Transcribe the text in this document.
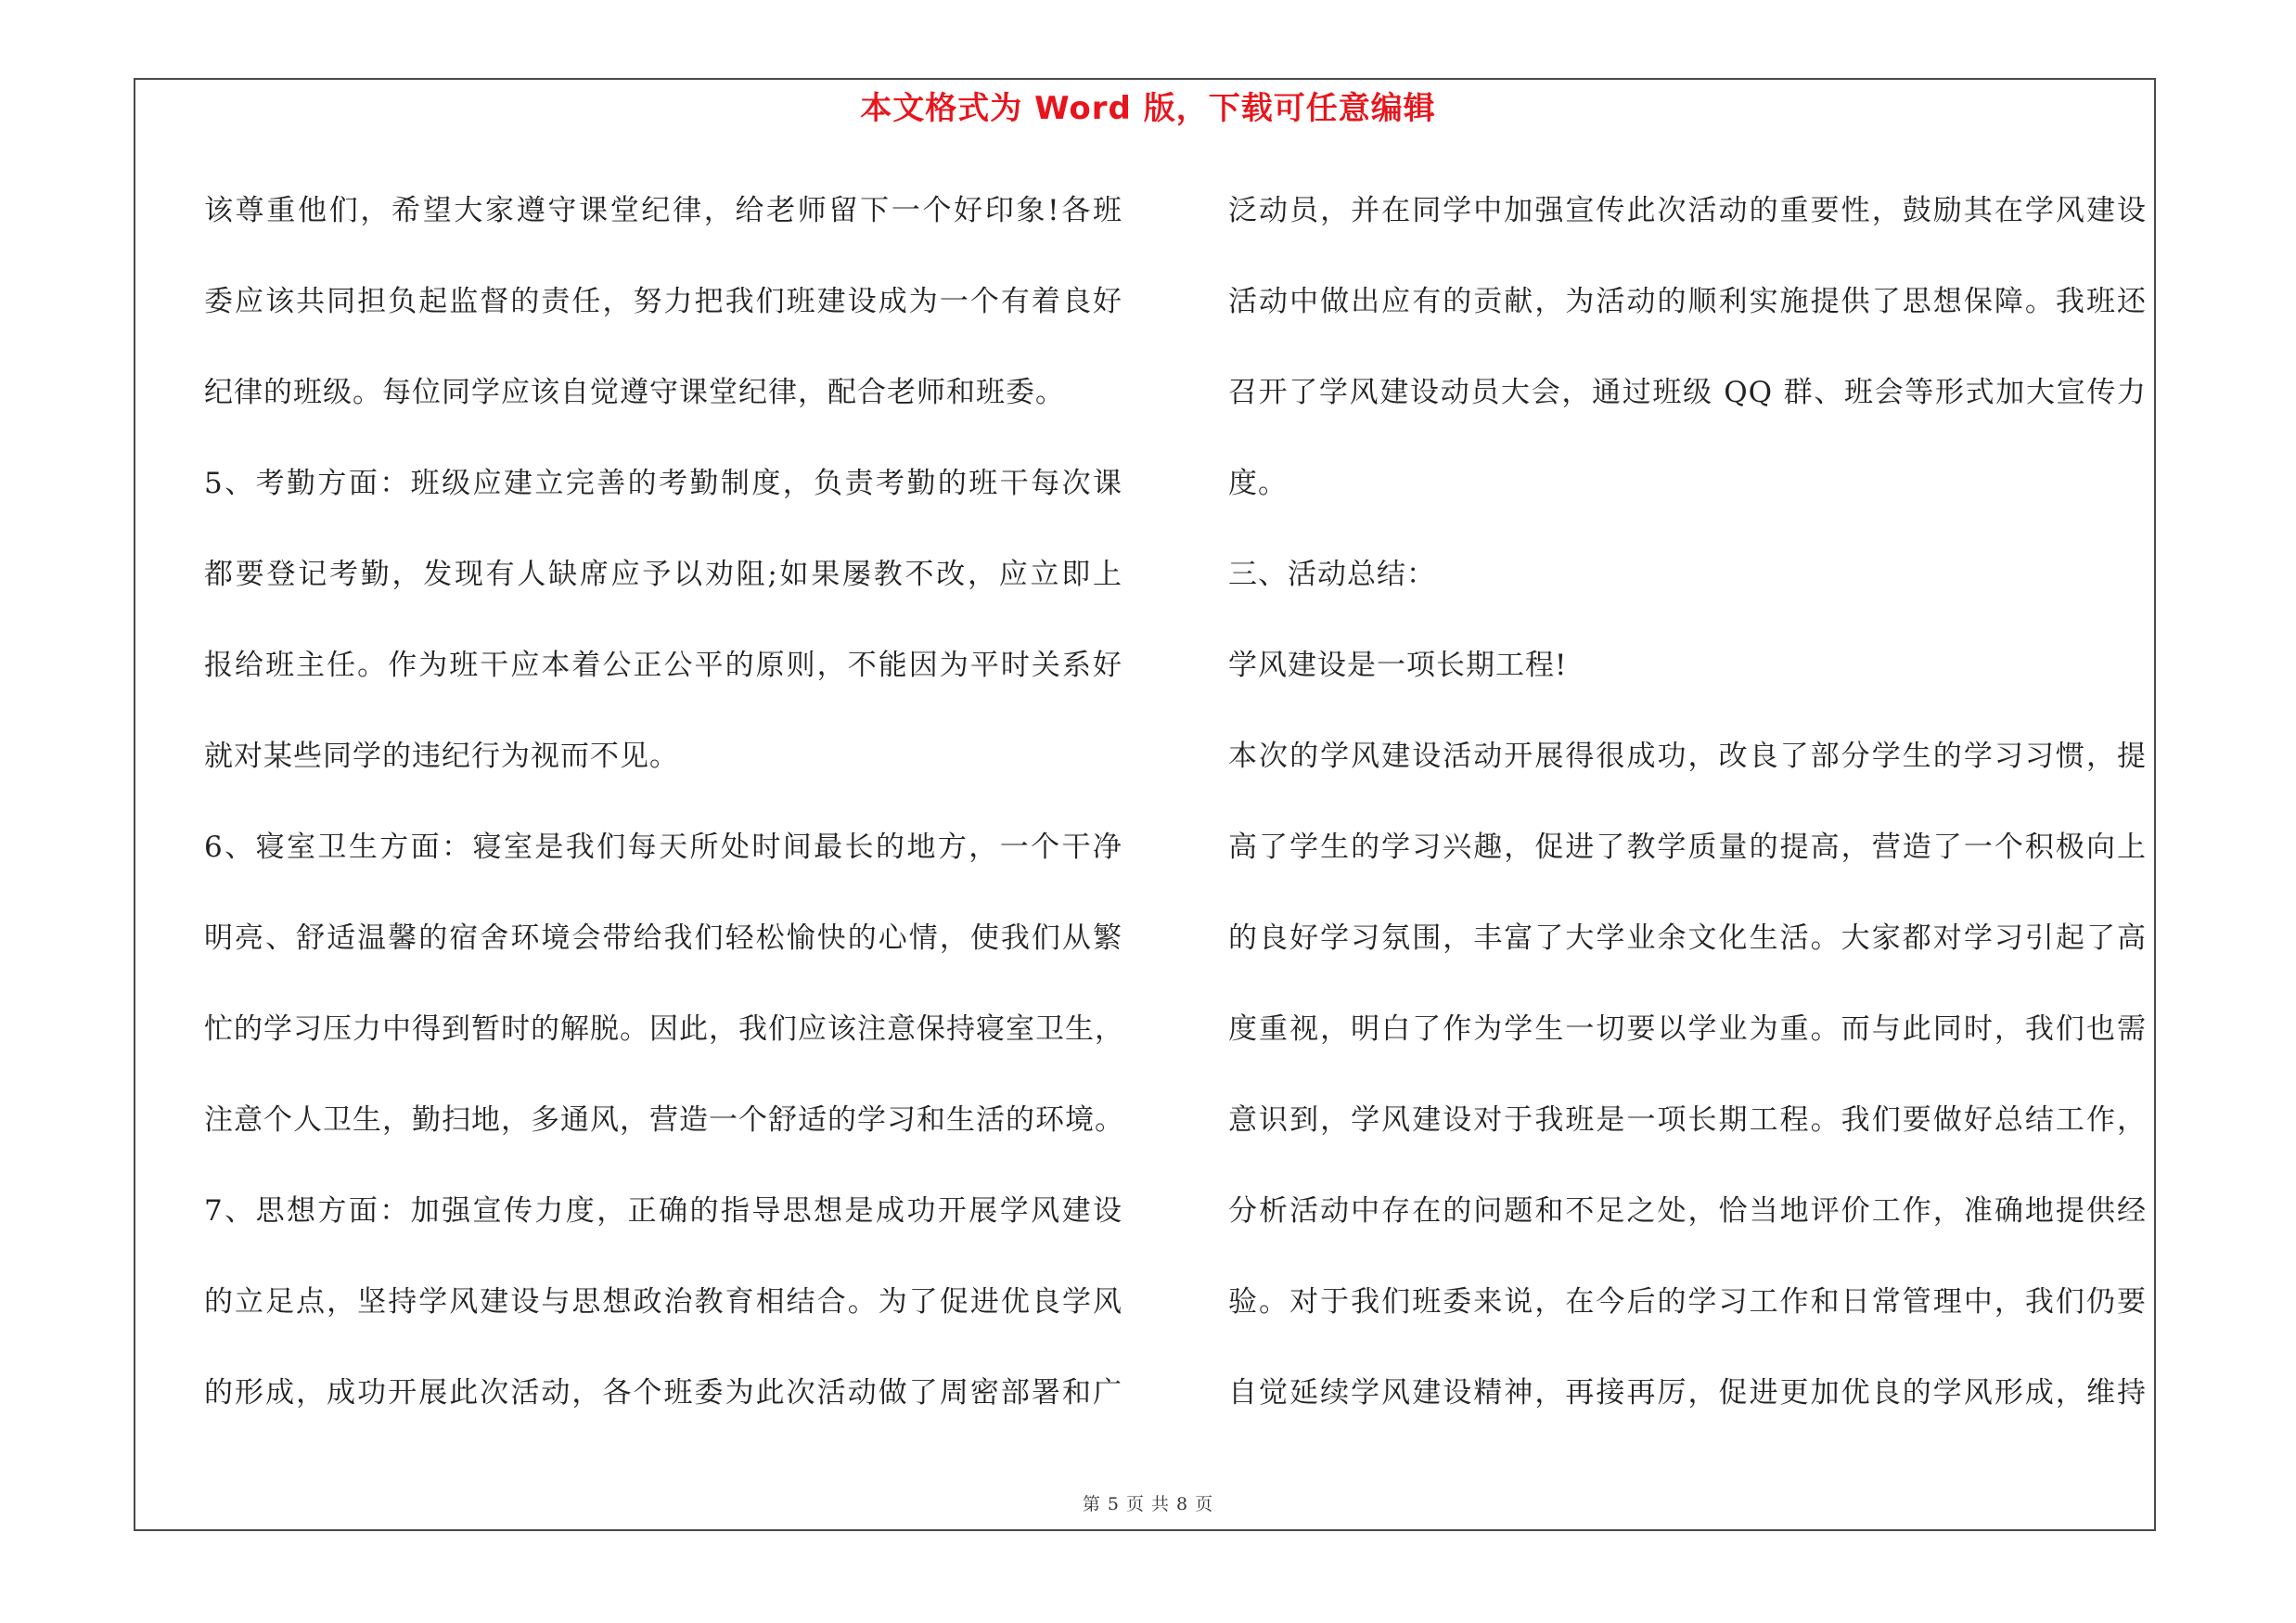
本文格式为 Word 版，下载可任意编辑
该尊重他们，希望大家遵守课堂纪律，给老师留下一个好印象!各班
委应该共同担负起监督的责任，努力把我们班建设成为一个有着良好
纪律的班级。每位同学应该自觉遵守课堂纪律，配合老师和班委。
5、考勤方面：班级应建立完善的考勤制度，负责考勤的班干每次课
都要登记考勤，发现有人缺席应予以劝阻;如果屡教不改，应立即上
报给班主任。作为班干应本着公正公平的原则，不能因为平时关系好
就对某些同学的违纪行为视而不见。
6、寝室卫生方面：寝室是我们每天所处时间最长的地方，一个干净
明亮、舒适温馨的宿舍环境会带给我们轻松愉快的心情，使我们从繁
忙的学习压力中得到暂时的解脱。因此，我们应该注意保持寝室卫生，
注意个人卫生，勤扫地，多通风，营造一个舒适的学习和生活的环境。
7、思想方面：加强宣传力度，正确的指导思想是成功开展学风建设
的立足点，坚持学风建设与思想政治教育相结合。为了促进优良学风
的形成，成功开展此次活动，各个班委为此次活动做了周密部署和广
泛动员，并在同学中加强宣传此次活动的重要性，鼓励其在学风建设
活动中做出应有的贡献，为活动的顺利实施提供了思想保障。我班还
召开了学风建设动员大会，通过班级 QQ 群、班会等形式加大宣传力
度。
三、活动总结：
学风建设是一项长期工程!
本次的学风建设活动开展得很成功，改良了部分学生的学习习惯，提
高了学生的学习兴趣，促进了教学质量的提高，营造了一个积极向上
的良好学习氛围，丰富了大学业余文化生活。大家都对学习引起了高
度重视，明白了作为学生一切要以学业为重。而与此同时，我们也需
意识到，学风建设对于我班是一项长期工程。我们要做好总结工作，
分析活动中存在的问题和不足之处，恰当地评价工作，准确地提供经
验。对于我们班委来说，在今后的学习工作和日常管理中，我们仍要
自觉延续学风建设精神，再接再厉，促进更加优良的学风形成，维持
第 5 页 共 8 页
